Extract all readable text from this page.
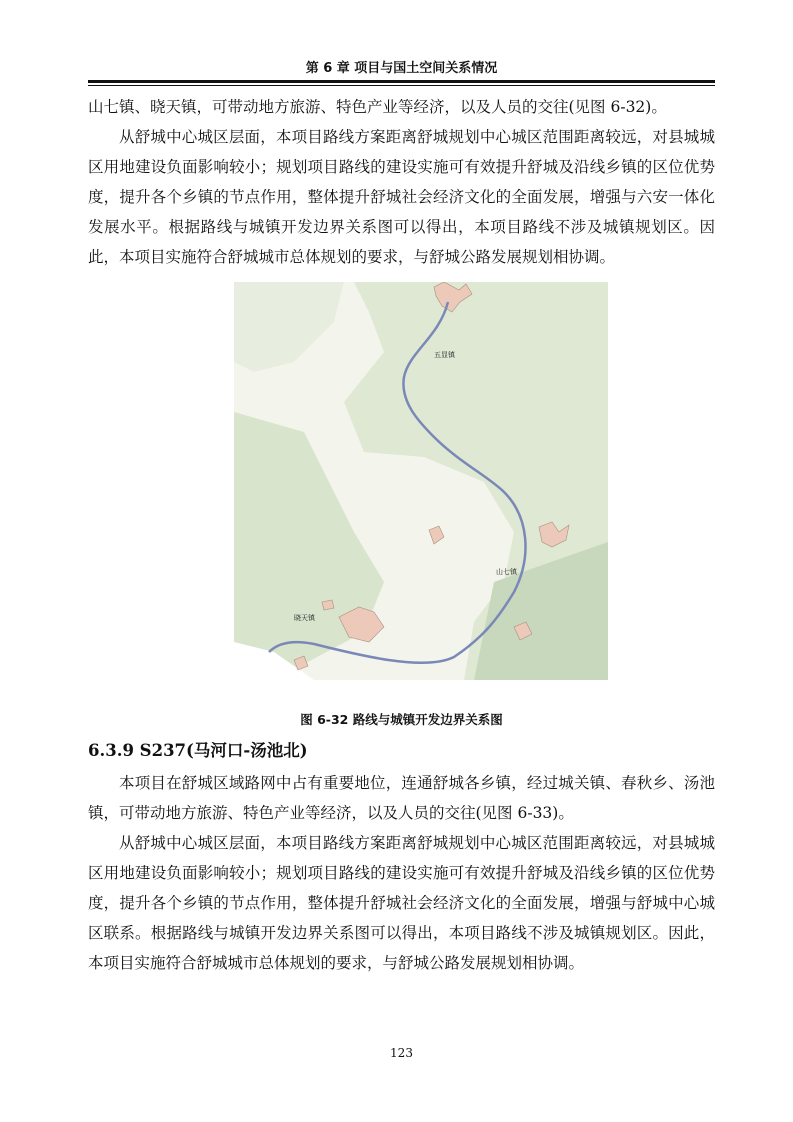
第 6 章 项目与国土空间关系情况

山七镇、晓天镇，可带动地方旅游、特色产业等经济，以及人员的交往(见图 6-32)。

从舒城中心城区层面，本项目路线方案距离舒城规划中心城区范围距离较远，对县城城区用地建设负面影响较小；规划项目路线的建设实施可有效提升舒城及沿线乡镇的区位优势度，提升各个乡镇的节点作用，整体提升舒城社会经济文化的全面发展，增强与六安一体化发展水平。根据路线与城镇开发边界关系图可以得出，本项目路线不涉及城镇规划区。因此，本项目实施符合舒城城市总体规划的要求，与舒城公路发展规划相协调。

五显镇
山七镇
晓天镇
图 6-32 路线与城镇开发边界关系图
6.3.9 S237(马河口-汤池北)

本项目在舒城区域路网中占有重要地位，连通舒城各乡镇，经过城关镇、春秋乡、汤池镇，可带动地方旅游、特色产业等经济，以及人员的交往(见图 6-33)。

从舒城中心城区层面，本项目路线方案距离舒城规划中心城区范围距离较远，对县城城区用地建设负面影响较小；规划项目路线的建设实施可有效提升舒城及沿线乡镇的区位优势度，提升各个乡镇的节点作用，整体提升舒城社会经济文化的全面发展，增强与舒城中心城区联系。根据路线与城镇开发边界关系图可以得出，本项目路线不涉及城镇规划区。因此，本项目实施符合舒城城市总体规划的要求，与舒城公路发展规划相协调。

123
